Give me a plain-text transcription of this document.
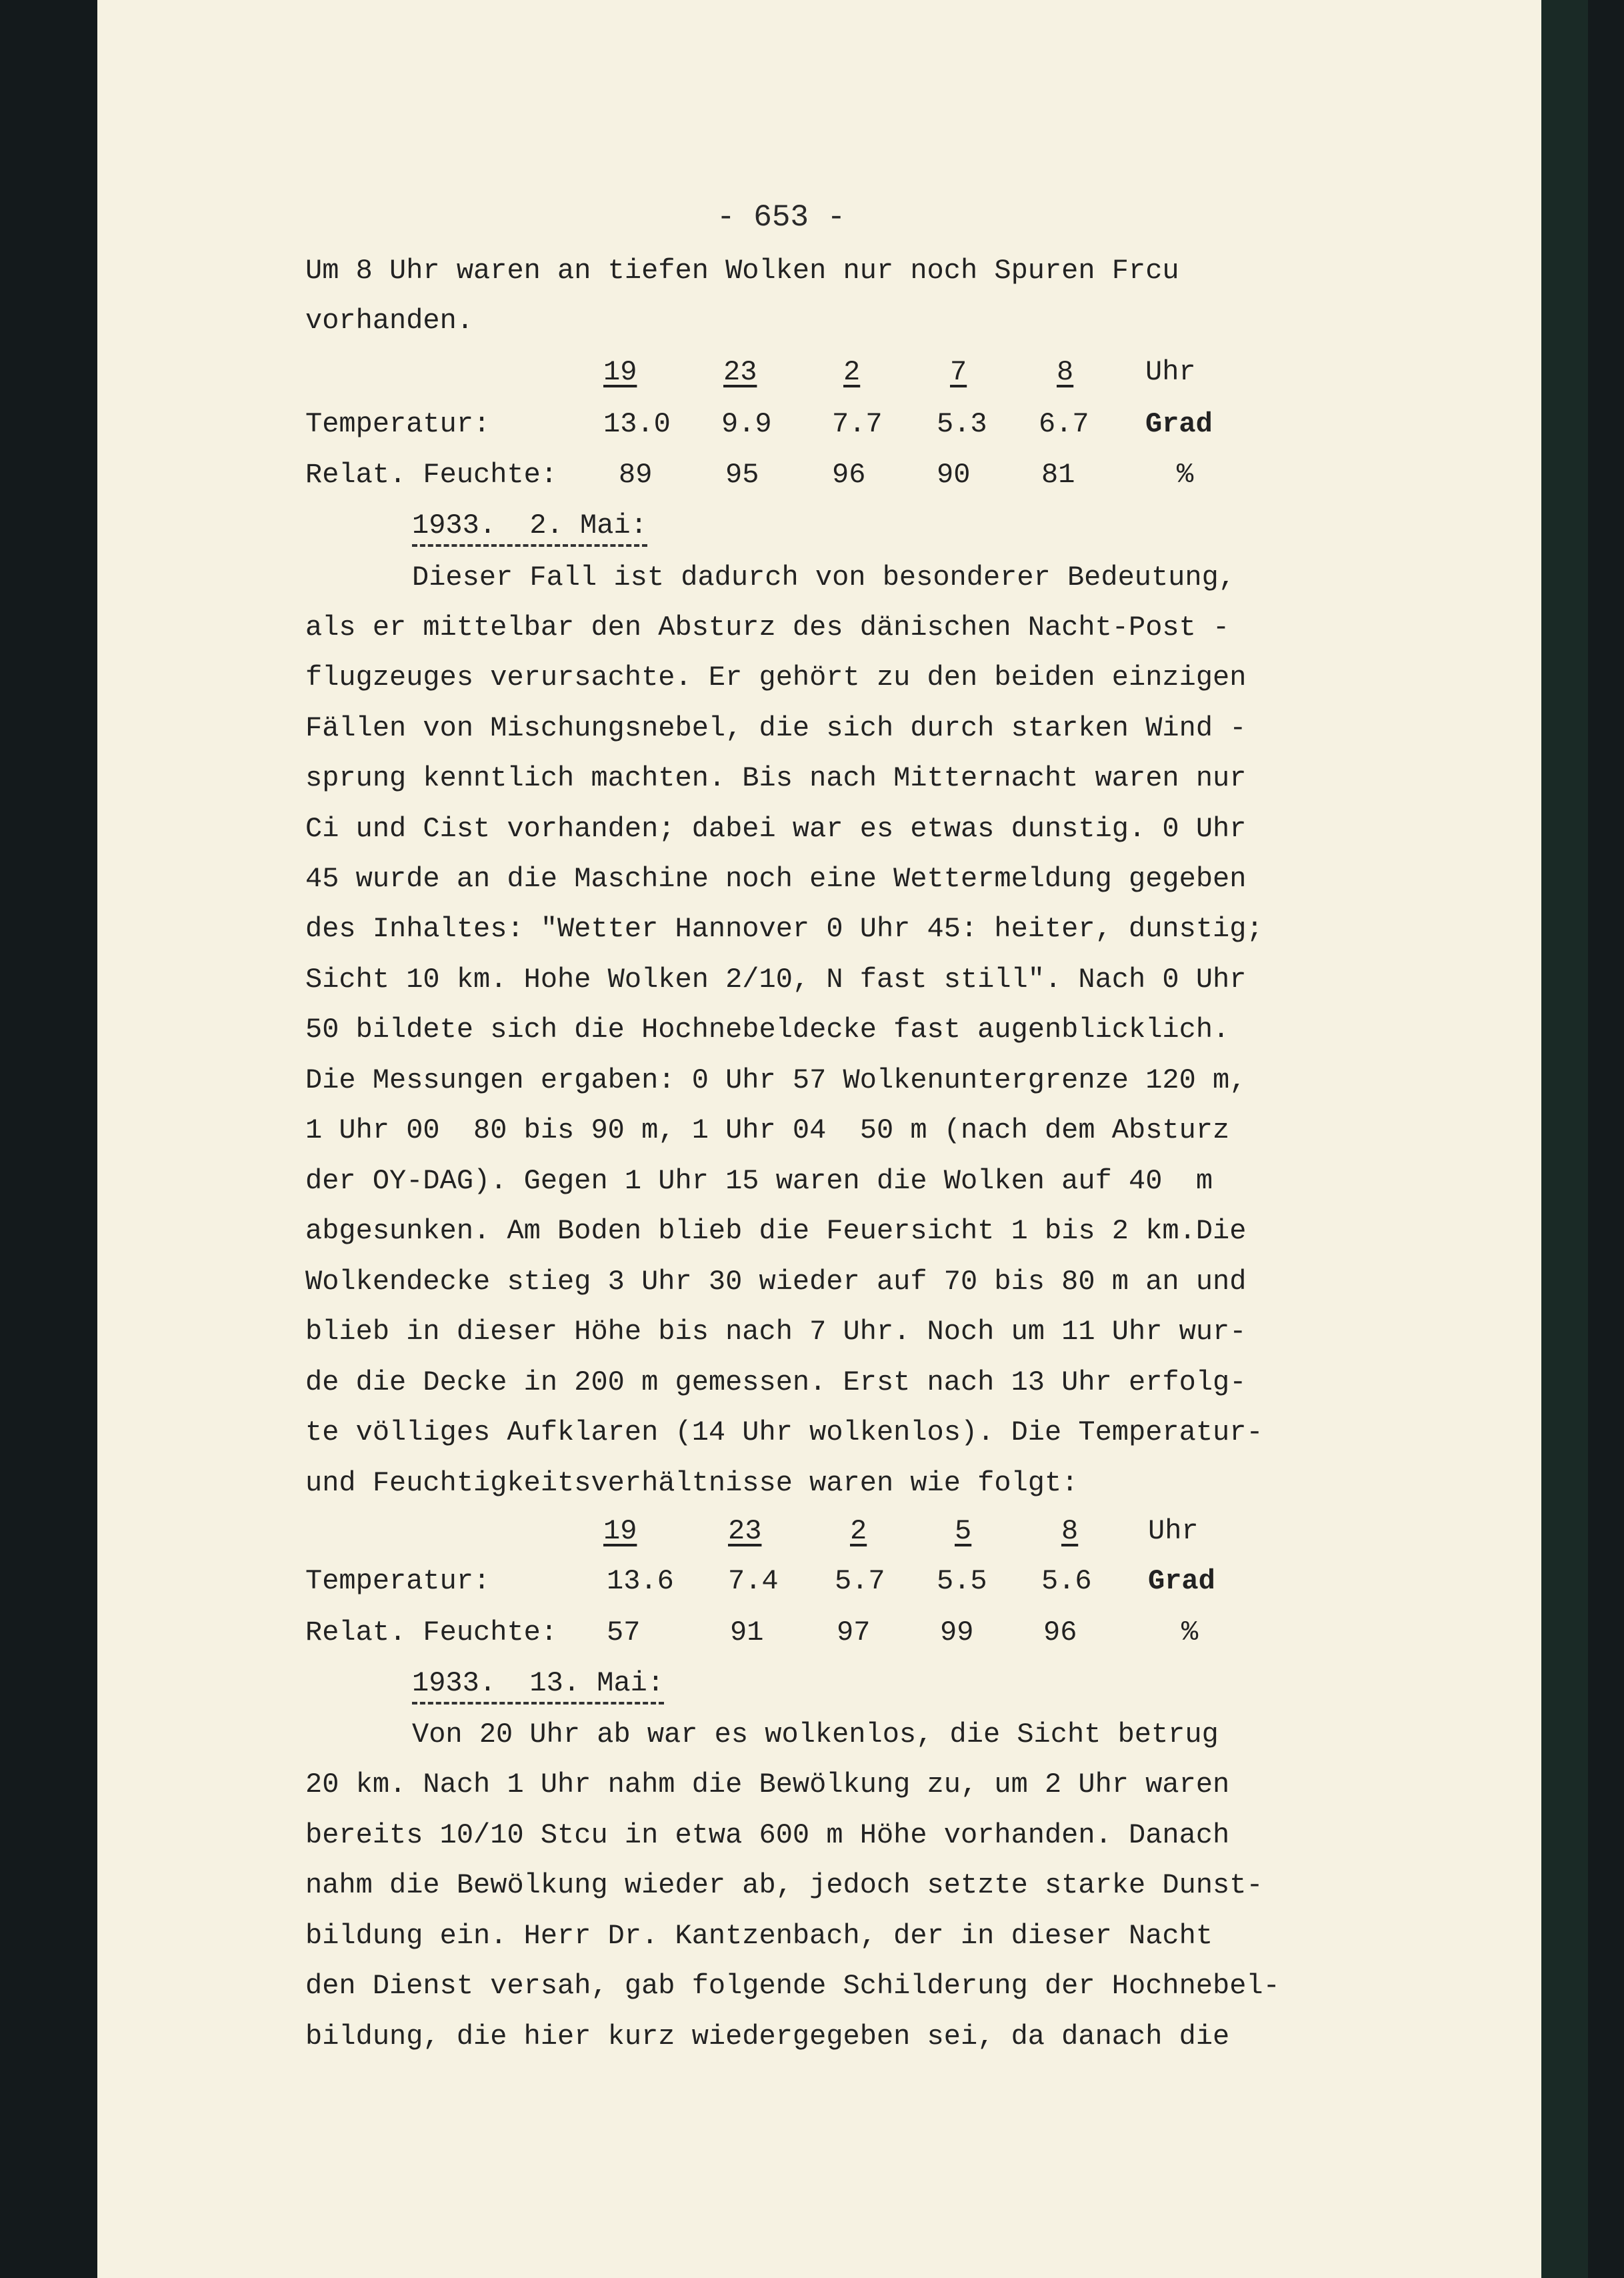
- 653 -
Um 8 Uhr waren an tiefen Wolken nur noch Spuren Frcu
vorhanden.
19	23	2	7	8	Uhr
Temperatur:	13.0 9.9 7.7 5.3 6.7 Grad
Relat. Feuchte: 89	95	96	90	81	%
1933.  2. Mai:
Dieser Fall ist dadurch von besonderer Bedeutung,
als er mittelbar den Absturz des dänischen Nacht-Post -
flugzeuges verursachte. Er gehört zu den beiden einzigen
Fällen von Mischungsnebel, die sich durch starken Wind -
sprung kenntlich machten. Bis nach Mitternacht waren nur
Ci und Cist vorhanden; dabei war es etwas dunstig. 0 Uhr
45 wurde an die Maschine noch eine Wettermeldung gegeben
des Inhaltes: "Wetter Hannover 0 Uhr 45: heiter, dunstig;
Sicht 10 km. Hohe Wolken 2/10, N fast still". Nach 0 Uhr
50 bildete sich die Hochnebeldecke fast augenblicklich.
Die Messungen ergaben: 0 Uhr 57 Wolkenuntergrenze 120 m,
1 Uhr 00  80 bis 90 m, 1 Uhr 04  50 m (nach dem Absturz
der OY-DAG). Gegen 1 Uhr 15 waren die Wolken auf 40  m
abgesunken. Am Boden blieb die Feuersicht 1 bis 2 km.Die
Wolkendecke stieg 3 Uhr 30 wieder auf 70 bis 80 m an und
blieb in dieser Höhe bis nach 7 Uhr. Noch um 11 Uhr wur-
de die Decke in 200 m gemessen. Erst nach 13 Uhr erfolg-
te völliges Aufklaren (14 Uhr wolkenlos). Die Temperatur-
und Feuchtigkeitsverhältnisse waren wie folgt:
19	23	2	5	8 Uhr
Temperatur:	13.6 7.4 5.7 5.5 5.6 Grad
Relat. Feuchte: 57	91	97 99 96	%
1933.  13. Mai:
Von 20 Uhr ab war es wolkenlos, die Sicht betrug
20 km. Nach 1 Uhr nahm die Bewölkung zu, um 2 Uhr waren
bereits 10/10 Stcu in etwa 600 m Höhe vorhanden. Danach
nahm die Bewölkung wieder ab, jedoch setzte starke Dunst-
bildung ein. Herr Dr. Kantzenbach, der in dieser Nacht
den Dienst versah, gab folgende Schilderung der Hochnebel-
bildung, die hier kurz wiedergegeben sei, da danach die
